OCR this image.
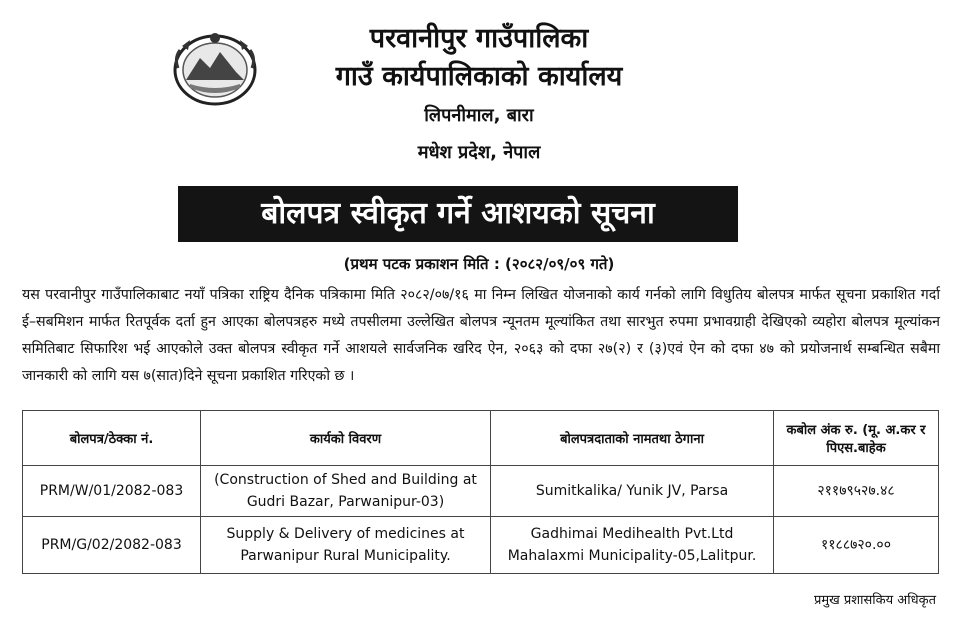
परवानीपुर गाउँपालिका
गाउँ कार्यपालिकाको कार्यालय
लिपनीमाल, बारा
मधेश प्रदेश, नेपाल
बोलपत्र स्वीकृत गर्ने आशयको सूचना
(प्रथम पटक प्रकाशन मिति : (२०८२/०९/०९ गते)
यस परवानीपुर गाउँपालिकाबाट नयाँ पत्रिका राष्ट्रिय दैनिक पत्रिकामा मिति २०८२/०७/१६ मा निम्न लिखित योजनाको कार्य गर्नको लागि विधुतिय बोलपत्र मार्फत सूचना प्रकाशित गर्दा ई–सबमिशन मार्फत रितपूर्वक दर्ता हुन आएका बोलपत्रहरु मध्ये तपसीलमा उल्लेखित बोलपत्र न्यूनतम मूल्यांकित तथा सारभुत रुपमा प्रभावग्राही देखिएको व्यहोरा बोलपत्र मूल्यांकन समितिबाट सिफारिश भई आएकोले उक्त बोलपत्र स्वीकृत गर्ने आशयले सार्वजनिक खरिद ऐन, २०६३ को दफा २७(२) र (३)एवं ऐन को दफा ४७ को प्रयोजनार्थ सम्बन्धित सबैमा जानकारी को लागि यस ७(सात)दिने सूचना प्रकाशित गरिएको छ ।
बोलपत्र/ठेक्का नं.	कार्यको विवरण	बोलपत्रदाताको नामतथा ठेगाना	कबोल अंक रु. (मू. अ.कर र पिएस.बाहेक
PRM/W/01/2082-083	(Construction of Shed and Building at Gudri Bazar, Parwanipur-03)	Sumitkalika/ Yunik JV, Parsa	२११७९५२७.४८
PRM/G/02/2082-083	Supply & Delivery of medicines at Parwanipur Rural Municipality.	Gadhimai Medihealth Pvt.Ltd Mahalaxmi Municipality-05,Lalitpur.	११८८७२०.००
प्रमुख प्रशासकिय अधिकृत
